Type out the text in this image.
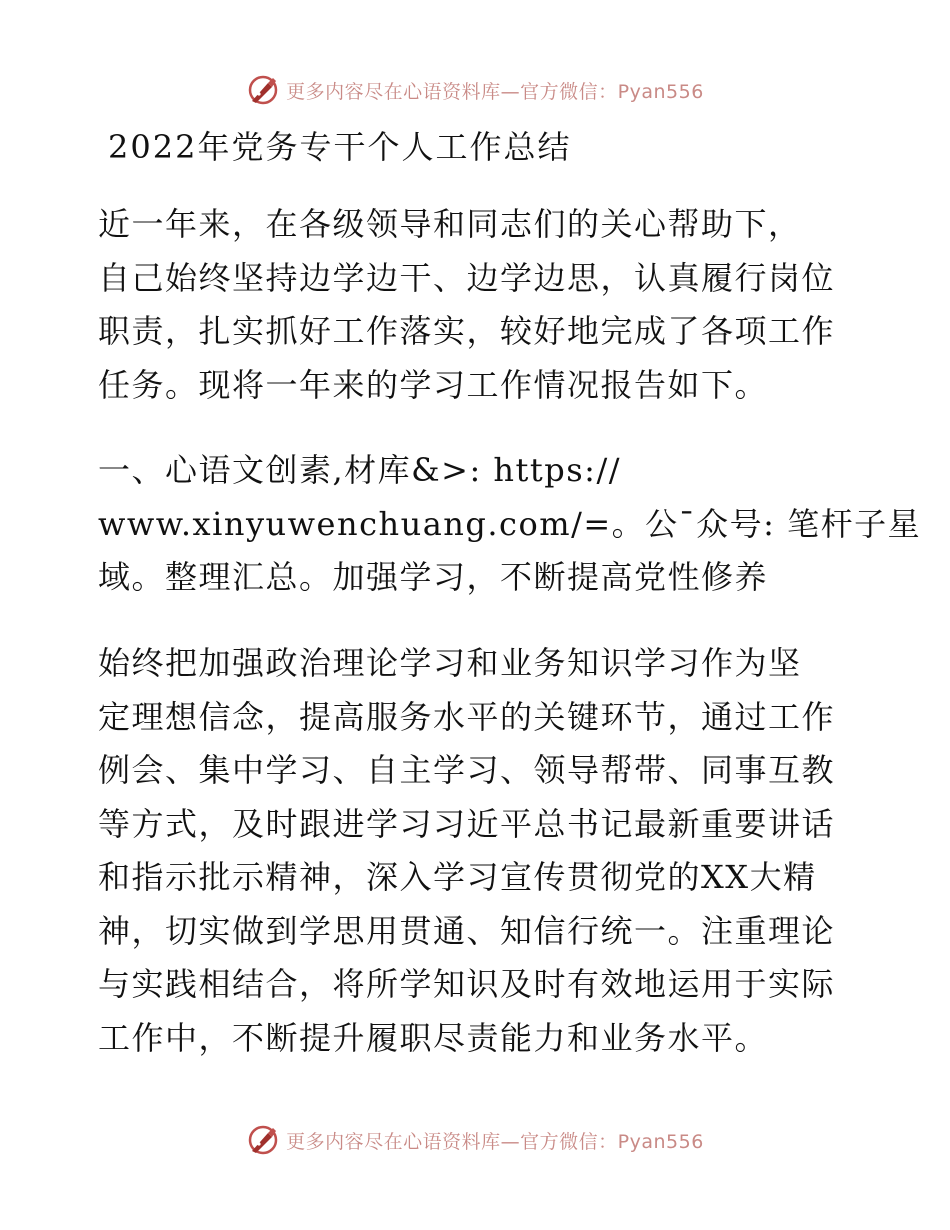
更多内容尽在心语资料库—官方微信：Pyan556
2022年党务专干个人工作总结
近一年来，在各级领导和同志们的关心帮助下，
自己始终坚持边学边干、边学边思，认真履行岗位
职责，扎实抓好工作落实，较好地完成了各项工作
任务。现将一年来的学习工作情况报告如下。
一、心语文创素,材库&>: https://
www.xinyuwenchuang.com/=。公¯众号: 笔杆子星
域。整理汇总。加强学习，不断提高党性修养
始终把加强政治理论学习和业务知识学习作为坚
定理想信念，提高服务水平的关键环节，通过工作
例会、集中学习、自主学习、领导帮带、同事互教
等方式，及时跟进学习习近平总书记最新重要讲话
和指示批示精神，深入学习宣传贯彻党的XX大精
神，切实做到学思用贯通、知信行统一。注重理论
与实践相结合，将所学知识及时有效地运用于实际
工作中，不断提升履职尽责能力和业务水平。
更多内容尽在心语资料库—官方微信：Pyan556
